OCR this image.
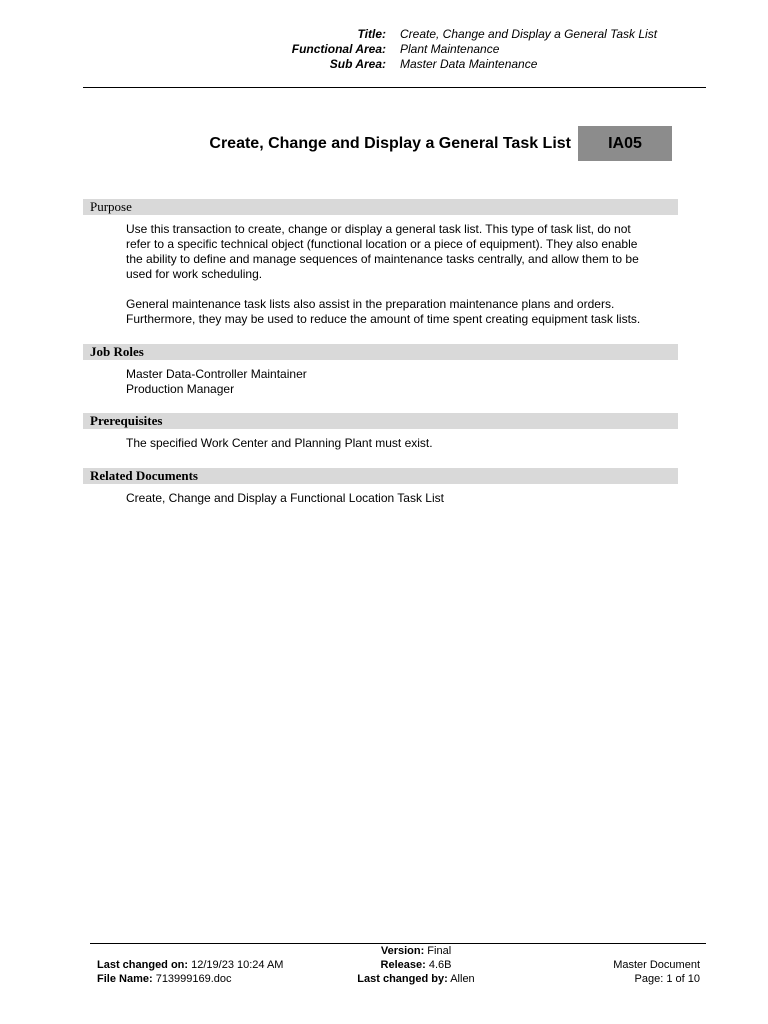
Title:	Create, Change and Display a General Task List
Functional Area:	Plant Maintenance
Sub Area:	Master Data Maintenance
Create, Change and Display a General Task List	IA05
Purpose

Use this transaction to create, change or display a general task list. This type of task list, do not
refer to a specific technical object (functional location or a piece of equipment). They also enable
the ability to define and manage sequences of maintenance tasks centrally, and allow them to be
used for work scheduling.

General maintenance task lists also assist in the preparation maintenance plans and orders.
Furthermore, they may be used to reduce the amount of time spent creating equipment task lists.

Job Roles
Master Data-Controller Maintainer
Production Manager
Prerequisites
The specified Work Center and Planning Plant must exist.
Related Documents
Create, Change and Display a Functional Location Task List
Version: Final
Release: 4.6B
Last changed by: Allen
Last changed on: 12/19/23 10:24 AM
File Name: 713999169.doc
Master Document
Page: 1 of 10
